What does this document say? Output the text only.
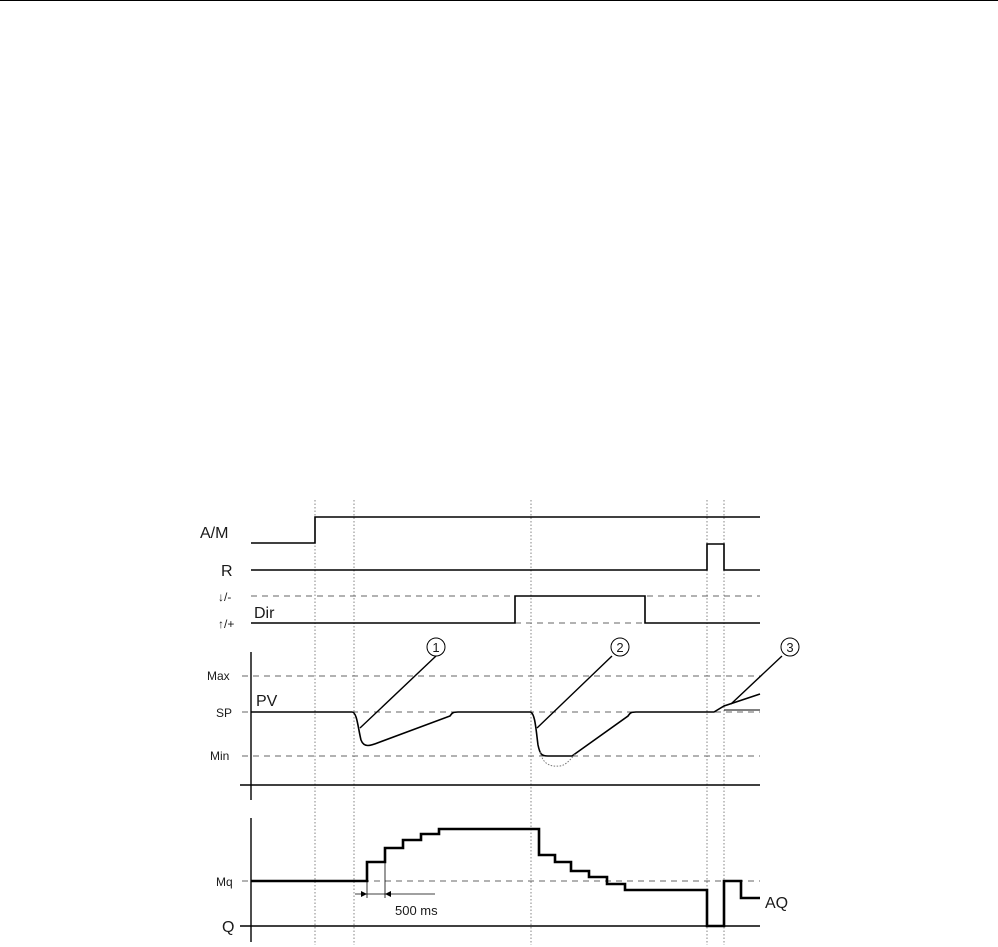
A/M
R
↓/-
↑/+
Dir
Max
SP
Min
PV
1	2	3
Mq
Q
AQ
500 ms
